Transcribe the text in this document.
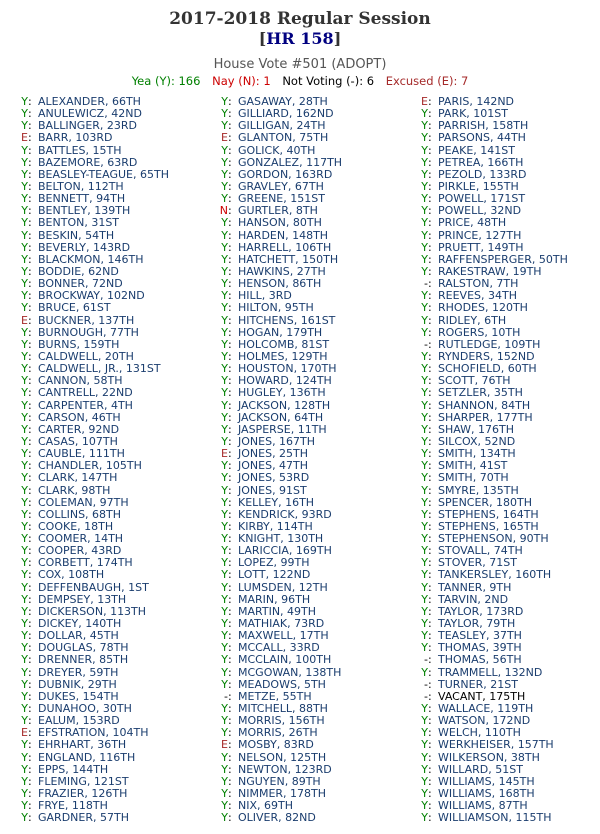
2017-2018 Regular Session
[HR 158]
House Vote #501 (ADOPT)
Yea (Y): 166 Nay (N): 1 Not Voting (-): 6 Excused (E): 7
Y: ALEXANDER, 66TH
Y: ANULEWICZ, 42ND
Y: BALLINGER, 23RD
E: BARR, 103RD
Y: BATTLES, 15TH
Y: BAZEMORE, 63RD
Y: BEASLEY-TEAGUE, 65TH
Y: BELTON, 112TH
Y: BENNETT, 94TH
Y: BENTLEY, 139TH
Y: BENTON, 31ST
Y: BESKIN, 54TH
Y: BEVERLY, 143RD
Y: BLACKMON, 146TH
Y: BODDIE, 62ND
Y: BONNER, 72ND
Y: BROCKWAY, 102ND
Y: BRUCE, 61ST
E: BUCKNER, 137TH
Y: BURNOUGH, 77TH
Y: BURNS, 159TH
Y: CALDWELL, 20TH
Y: CALDWELL, JR., 131ST
Y: CANNON, 58TH
Y: CANTRELL, 22ND
Y: CARPENTER, 4TH
Y: CARSON, 46TH
Y: CARTER, 92ND
Y: CASAS, 107TH
Y: CAUBLE, 111TH
Y: CHANDLER, 105TH
Y: CLARK, 147TH
Y: CLARK, 98TH
Y: COLEMAN, 97TH
Y: COLLINS, 68TH
Y: COOKE, 18TH
Y: COOMER, 14TH
Y: COOPER, 43RD
Y: CORBETT, 174TH
Y: COX, 108TH
Y: DEFFENBAUGH, 1ST
Y: DEMPSEY, 13TH
Y: DICKERSON, 113TH
Y: DICKEY, 140TH
Y: DOLLAR, 45TH
Y: DOUGLAS, 78TH
Y: DRENNER, 85TH
Y: DREYER, 59TH
Y: DUBNIK, 29TH
Y: DUKES, 154TH
Y: DUNAHOO, 30TH
Y: EALUM, 153RD
E: EFSTRATION, 104TH
Y: EHRHART, 36TH
Y: ENGLAND, 116TH
Y: EPPS, 144TH
Y: FLEMING, 121ST
Y: FRAZIER, 126TH
Y: FRYE, 118TH
Y: GARDNER, 57TH
Y: GASAWAY, 28TH
Y: GILLIARD, 162ND
Y: GILLIGAN, 24TH
E: GLANTON, 75TH
Y: GOLICK, 40TH
Y: GONZALEZ, 117TH
Y: GORDON, 163RD
Y: GRAVLEY, 67TH
Y: GREENE, 151ST
N: GURTLER, 8TH
Y: HANSON, 80TH
Y: HARDEN, 148TH
Y: HARRELL, 106TH
Y: HATCHETT, 150TH
Y: HAWKINS, 27TH
Y: HENSON, 86TH
Y: HILL, 3RD
Y: HILTON, 95TH
Y: HITCHENS, 161ST
Y: HOGAN, 179TH
Y: HOLCOMB, 81ST
Y: HOLMES, 129TH
Y: HOUSTON, 170TH
Y: HOWARD, 124TH
Y: HUGLEY, 136TH
Y: JACKSON, 128TH
Y: JACKSON, 64TH
Y: JASPERSE, 11TH
Y: JONES, 167TH
E: JONES, 25TH
Y: JONES, 47TH
Y: JONES, 53RD
Y: JONES, 91ST
Y: KELLEY, 16TH
Y: KENDRICK, 93RD
Y: KIRBY, 114TH
Y: KNIGHT, 130TH
Y: LARICCIA, 169TH
Y: LOPEZ, 99TH
Y: LOTT, 122ND
Y: LUMSDEN, 12TH
Y: MARIN, 96TH
Y: MARTIN, 49TH
Y: MATHIAK, 73RD
Y: MAXWELL, 17TH
Y: MCCALL, 33RD
Y: MCCLAIN, 100TH
Y: MCGOWAN, 138TH
Y: MEADOWS, 5TH
-: METZE, 55TH
Y: MITCHELL, 88TH
Y: MORRIS, 156TH
Y: MORRIS, 26TH
E: MOSBY, 83RD
Y: NELSON, 125TH
Y: NEWTON, 123RD
Y: NGUYEN, 89TH
Y: NIMMER, 178TH
Y: NIX, 69TH
Y: OLIVER, 82ND
E: PARIS, 142ND
Y: PARK, 101ST
Y: PARRISH, 158TH
Y: PARSONS, 44TH
Y: PEAKE, 141ST
Y: PETREA, 166TH
Y: PEZOLD, 133RD
Y: PIRKLE, 155TH
Y: POWELL, 171ST
Y: POWELL, 32ND
Y: PRICE, 48TH
Y: PRINCE, 127TH
Y: PRUETT, 149TH
Y: RAFFENSPERGER, 50TH
Y: RAKESTRAW, 19TH
-: RALSTON, 7TH
Y: REEVES, 34TH
Y: RHODES, 120TH
Y: RIDLEY, 6TH
Y: ROGERS, 10TH
-: RUTLEDGE, 109TH
Y: RYNDERS, 152ND
Y: SCHOFIELD, 60TH
Y: SCOTT, 76TH
Y: SETZLER, 35TH
Y: SHANNON, 84TH
Y: SHARPER, 177TH
Y: SHAW, 176TH
Y: SILCOX, 52ND
Y: SMITH, 134TH
Y: SMITH, 41ST
Y: SMITH, 70TH
Y: SMYRE, 135TH
Y: SPENCER, 180TH
Y: STEPHENS, 164TH
Y: STEPHENS, 165TH
Y: STEPHENSON, 90TH
Y: STOVALL, 74TH
Y: STOVER, 71ST
Y: TANKERSLEY, 160TH
Y: TANNER, 9TH
Y: TARVIN, 2ND
Y: TAYLOR, 173RD
Y: TAYLOR, 79TH
Y: TEASLEY, 37TH
Y: THOMAS, 39TH
-: THOMAS, 56TH
Y: TRAMMELL, 132ND
-: TURNER, 21ST
-: VACANT, 175TH
Y: WALLACE, 119TH
Y: WATSON, 172ND
Y: WELCH, 110TH
Y: WERKHEISER, 157TH
Y: WILKERSON, 38TH
Y: WILLARD, 51ST
Y: WILLIAMS, 145TH
Y: WILLIAMS, 168TH
Y: WILLIAMS, 87TH
Y: WILLIAMSON, 115TH
